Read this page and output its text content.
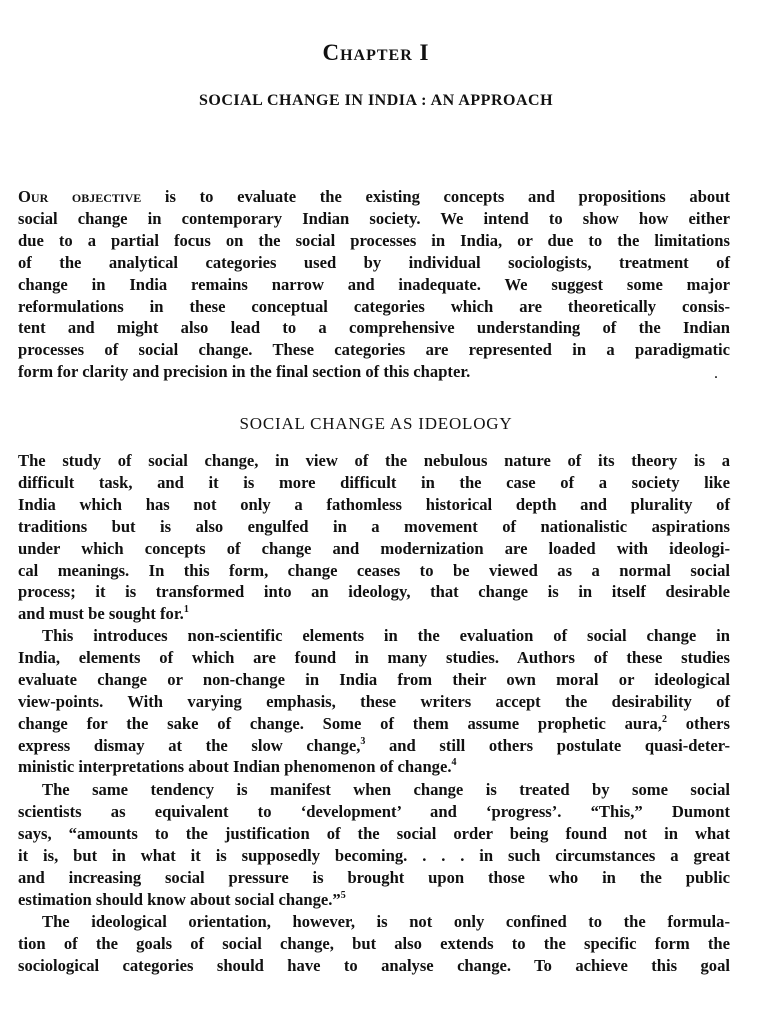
Chapter I
SOCIAL CHANGE IN INDIA : AN APPROACH
Our objective is to evaluate the existing concepts and propositions about
social change in contemporary Indian society. We intend to show how either
due to a partial focus on the social processes in India, or due to the limitations
of the analytical categories used by individual sociologists, treatment of
change in India remains narrow and inadequate. We suggest some major
reformulations in these conceptual categories which are theoretically consis-
tent and might also lead to a comprehensive understanding of the Indian
processes of social change. These categories are represented in a paradigmatic
form for clarity and precision in the final section of this chapter.	·
SOCIAL CHANGE AS IDEOLOGY
The study of social change, in view of the nebulous nature of its theory is a
difficult task, and it is more difficult in the case of a society like
India which has not only a fathomless historical depth and plurality of
traditions but is also engulfed in a movement of nationalistic aspirations
under which concepts of change and modernization are loaded with ideologi-
cal meanings. In this form, change ceases to be viewed as a normal social
process; it is transformed into an ideology, that change is in itself desirable
and must be sought for.$^1$
This introduces non-scientific elements in the evaluation of social change in
India, elements of which are found in many studies. Authors of these studies
evaluate change or non-change in India from their own moral or ideological
view-points. With varying emphasis, these writers accept the desirability of
change for the sake of change. Some of them assume prophetic aura,$^2$ others
express dismay at the slow change,$^3$ and still others postulate quasi-deter-
ministic interpretations about Indian phenomenon of change.$^4$
The same tendency is manifest when change is treated by some social
scientists as equivalent to ‘development’ and ‘progress’. “This,” Dumont
says, “amounts to the justification of the social order being found not in what
it is, but in what it is supposedly becoming. . . . in such circumstances a great
and increasing social pressure is brought upon those who in the public
estimation should know about social change.”$^5$
The ideological orientation, however, is not only confined to the formula-
tion of the goals of social change, but also extends to the specific form the
sociological categories should have to analyse change. To achieve this goal
